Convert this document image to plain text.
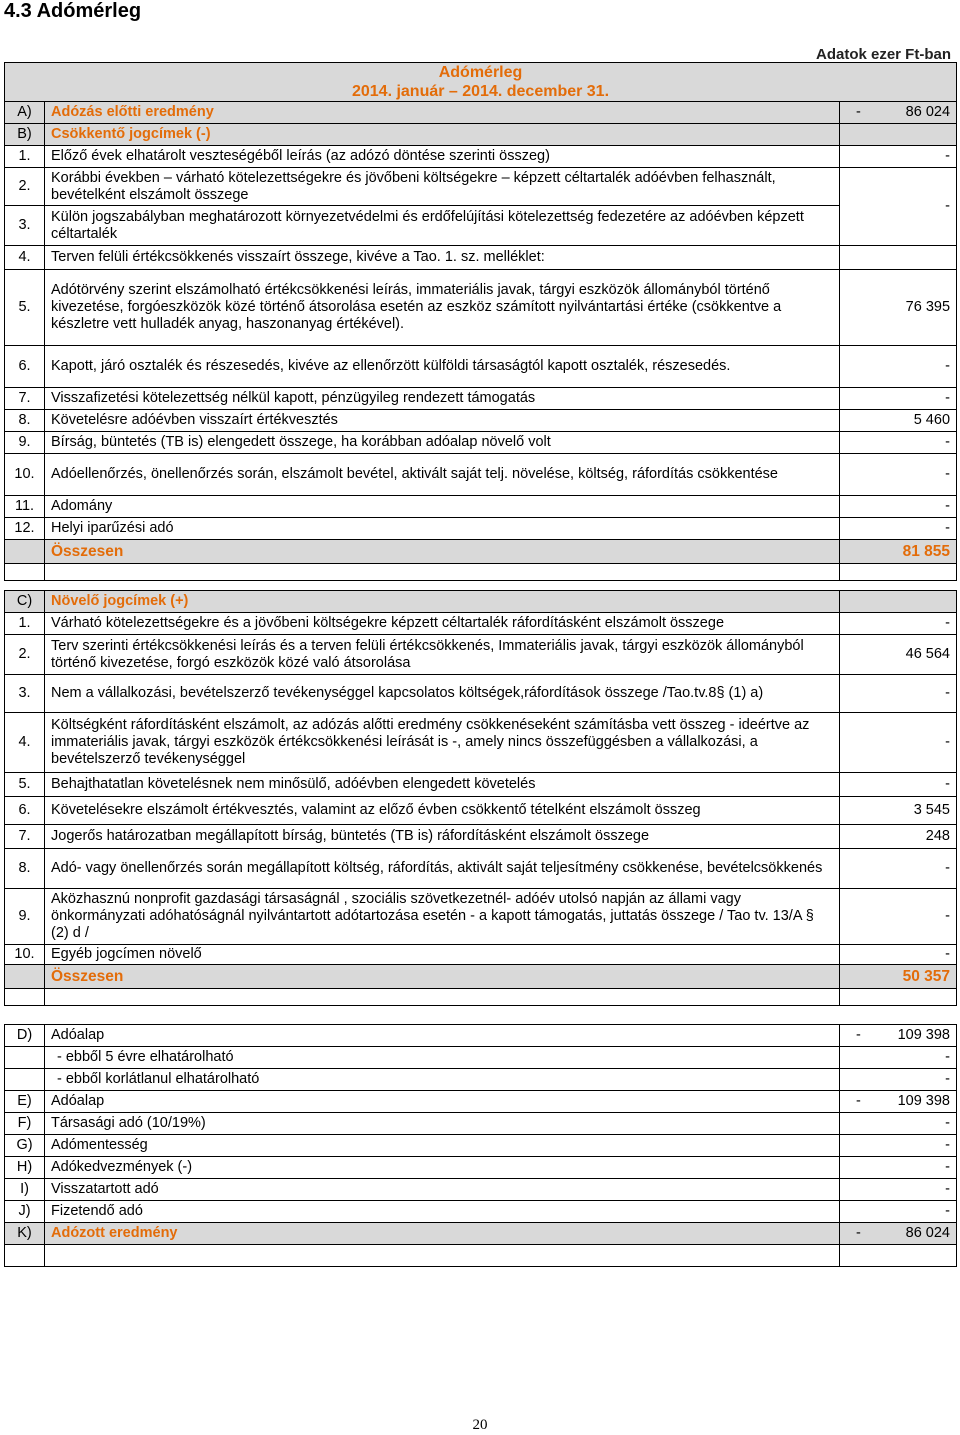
4.3 Adómérleg
Adatok ezer Ft-ban
Adómérleg
2014. január – 2014. december 31.		

A)	Adózás előtti eredmény	- 86 024
B)	Csökkentő jogcímek (-)	
1.	Előző évek elhatárolt veszteségéből leírás (az adózó döntése szerinti összeg)	-
2.	Korábbi években – várható kötelezettségekre és jövőbeni költségekre – képzett céltartalék adóévben felhasznált, bevételként elszámolt összege	-
3.	Külön jogszabályban meghatározott környezetvédelmi és erdőfelújítási kötelezettség fedezetére az adóévben képzett céltartalék	
4.	Terven felüli értékcsökkenés visszaírt összege, kivéve a Tao. 1. sz. melléklet:	
5.	Adótörvény szerint elszámolható értékcsökkenési leírás, immateriális javak, tárgyi eszközök állományból történő kivezetése, forgóeszközök közé történő átsorolása esetén az eszköz számított nyilvántartási értéke (csökkentve a készletre vett hulladék anyag, haszonanyag értékével).	76 395
6.	Kapott, járó osztalék és részesedés, kivéve az ellenőrzött külföldi társaságtól kapott osztalék, részesedés.	-
7.	Visszafizetési kötelezettség nélkül kapott, pénzügyileg rendezett támogatás	-
8.	Követelésre adóévben visszaírt értékvesztés	5 460
9.	Bírság, büntetés (TB is) elengedett összege, ha korábban adóalap növelő volt	-
10.	Adóellenőrzés, önellenőrzés során, elszámolt bevétel, aktivált saját telj. növelése, költség, ráfordítás csökkentése	-
11.	Adomány	-
12.	Helyi iparűzési adó	-
	Összesen	81 855

C)	Növelő jogcímek (+)	
1.	Várható kötelezettségekre és a jövőbeni költségekre képzett céltartalék ráfordításként elszámolt összege	-
2.	Terv szerinti értékcsökkenési leírás és a terven felüli értékcsökkenés, Immateriális javak, tárgyi eszközök állományból történő kivezetése, forgó eszközök közé való átsorolása	46 564
3.	Nem a vállalkozási, bevételszerző tevékenységgel kapcsolatos költségek,ráfordítások összege /Tao.tv.8§ (1) a)	-
4.	Költségként ráfordításként elszámolt, az adózás alőtti eredmény csökkenéseként számításba vett összeg - ideértve az immateriális javak, tárgyi eszközök értékcsökkenési leírását is -, amely nincs összefüggésben a vállalkozási, a bevételszerző tevékenységgel	-
5.	Behajthatatlan követelésnek nem minősülő, adóévben elengedett követelés	-
6.	Követelésekre elszámolt értékvesztés, valamint az előző évben csökkentő tételként elszámolt összeg	3 545
7.	Jogerős határozatban megállapított bírság, büntetés (TB is) ráfordításként elszámolt összege	248
8.	Adó- vagy önellenőrzés során megállapított költség, ráfordítás, aktivált saját teljesítmény csökkenése, bevételcsökkenés	-
9.	Aközhasznú nonprofit gazdasági társaságnál , szociális szövetkezetnél- adóév utolsó napján az állami vagy önkormányzati adóhatóságnál nyilvántartott adótartozása esetén - a kapott támogatás, juttatás összege / Tao tv. 13/A § (2) d /	-
10.	Egyéb jogcímen növelő	-
	Összesen	50 357

D)	Adóalap	- 109 398
	- ebből 5 évre elhatárolható	-
	- ebből korlátlanul elhatárolható	-
E)	Adóalap	- 109 398
F)	Társasági adó (10/19%)	-
G)	Adómentesség	-
H)	Adókedvezmények (-)	-
I)	Visszatartott adó	-
J)	Fizetendő adó	-
K)	Adózott eredmény	- 86 024

20
